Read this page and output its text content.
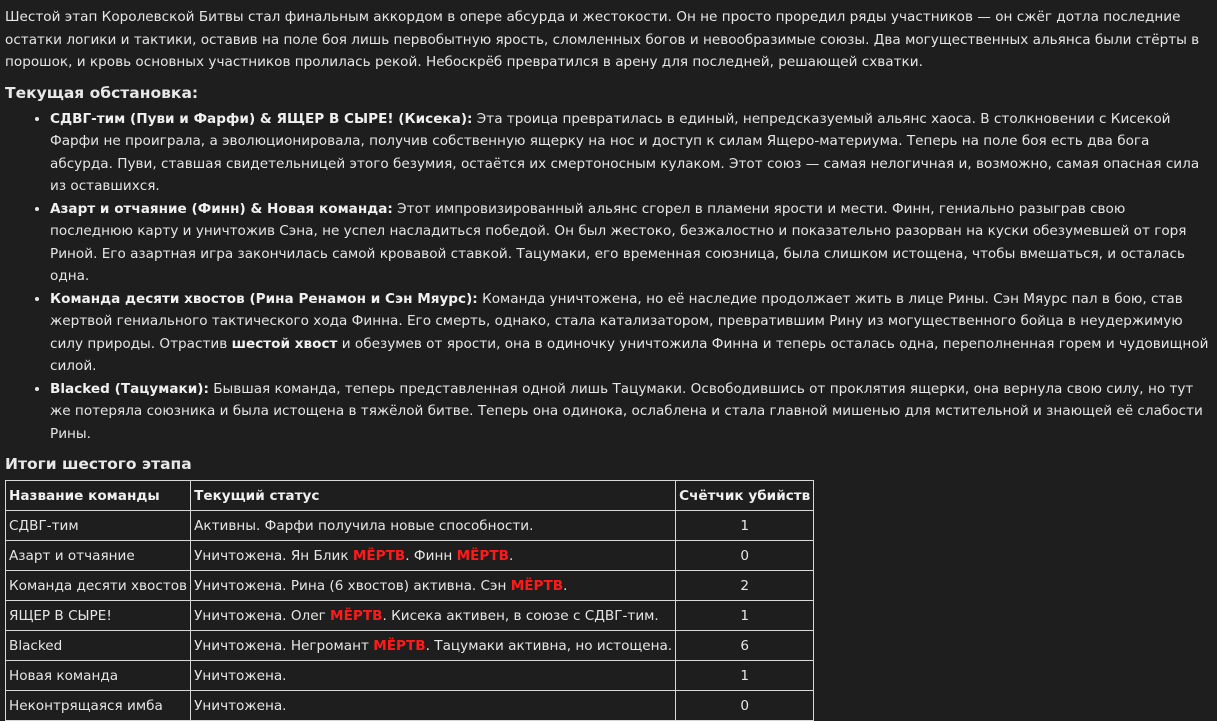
Шестой этап Королевской Битвы стал финальным аккордом в опере абсурда и жестокости. Он не просто проредил ряды участников — он сжёг дотла последние остатки логики и тактики, оставив на поле боя лишь первобытную ярость, сломленных богов и невообразимые союзы. Два могущественных альянса были стёрты в порошок, и кровь основных участников пролилась рекой. Небоскрёб превратился в арену для последней, решающей схватки.

Текущая обстановка:
• СДВГ-тим (Пуви и Фарфи) & ЯЩЕР В СЫРЕ! (Кисека): Эта троица превратилась в единый, непредсказуемый альянс хаоса. В столкновении с Кисекой Фарфи не проиграла, а эволюционировала, получив собственную ящерку на нос и доступ к силам Ящеро-материума. Теперь на поле боя есть два бога абсурда. Пуви, ставшая свидетельницей этого безумия, остаётся их смертоносным кулаком. Этот союз — самая нелогичная и, возможно, самая опасная сила из оставшихся.
• Азарт и отчаяние (Финн) & Новая команда: Этот импровизированный альянс сгорел в пламени ярости и мести. Финн, гениально разыграв свою последнюю карту и уничтожив Сэна, не успел насладиться победой. Он был жестоко, безжалостно и показательно разорван на куски обезумевшей от горя Риной. Его азартная игра закончилась самой кровавой ставкой. Тацумаки, его временная союзница, была слишком истощена, чтобы вмешаться, и осталась одна.
• Команда десяти хвостов (Рина Ренамон и Сэн Мяурс): Команда уничтожена, но её наследие продолжает жить в лице Рины. Сэн Мяурс пал в бою, став жертвой гениального тактического хода Финна. Его смерть, однако, стала катализатором, превратившим Рину из могущественного бойца в неудержимую силу природы. Отрастив шестой хвост и обезумев от ярости, она в одиночку уничтожила Финна и теперь осталась одна, переполненная горем и чудовищной силой.
• Blacked (Тацумаки): Бывшая команда, теперь представленная одной лишь Тацумаки. Освободившись от проклятия ящерки, она вернула свою силу, но тут же потеряла союзника и была истощена в тяжёлой битве. Теперь она одинока, ослаблена и стала главной мишенью для мстительной и знающей её слабости Рины.
Итоги шестого этапа
Название команды	Текущий статус	Счётчик убийств
СДВГ-тим	Активны. Фарфи получила новые способности.	1
Азарт и отчаяние	Уничтожена. Ян Блик МЁРТВ. Финн МЁРТВ.	0
Команда десяти хвостов	Уничтожена. Рина (6 хвостов) активна. Сэн МЁРТВ.	2
ЯЩЕР В СЫРЕ!	Уничтожена. Олег МЁРТВ. Кисека активен, в союзе с СДВГ-тим.	1
Blacked	Уничтожена. Негромант МЁРТВ. Тацумаки активна, но истощена.	6
Новая команда	Уничтожена.	1
Неконтрящаяся имба	Уничтожена.	0
